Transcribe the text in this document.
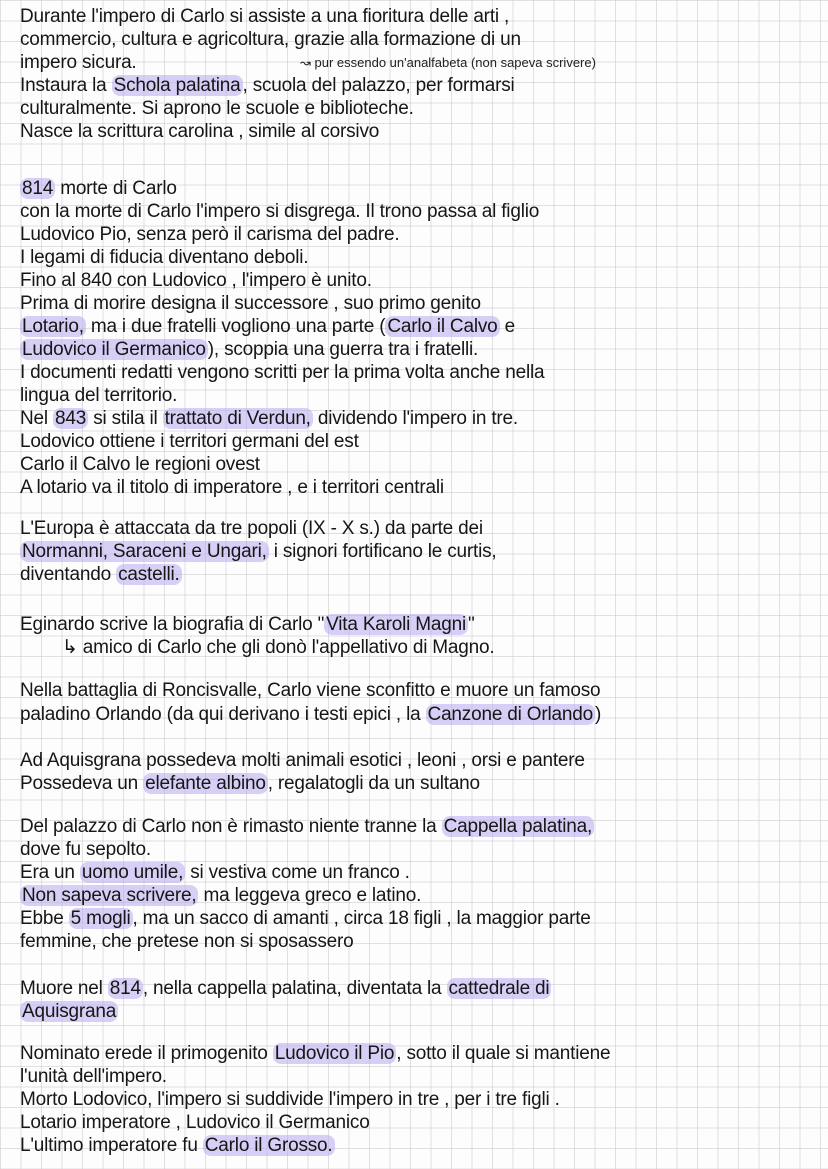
↝ pur essendo un'analfabeta (non sapeva scrivere)
Durante l'impero di Carlo si assiste a una fioritura delle arti ,
commercio, cultura e agricoltura, grazie alla formazione di un
impero sicura.
Instaura la Schola palatina , scuola del palazzo, per formarsi
culturalmente. Si aprono le scuole e biblioteche.
Nasce la scrittura carolina , simile al corsivo
814 morte di Carlo
con la morte di Carlo l'impero si disgrega. Il trono passa al figlio
Ludovico Pio, senza però il carisma del padre.
I legami di fiducia diventano deboli.
Fino al 840 con Ludovico , l'impero è unito.
Prima di morire designa il successore , suo primo genito
Lotario, ma i due fratelli vogliono una parte ( Carlo il Calvo e
Ludovico il Germanico ), scoppia una guerra tra i fratelli.
I documenti redatti vengono scritti per la prima volta anche nella
lingua del territorio.
Nel 843 si stila il trattato di Verdun, dividendo l'impero in tre.
Lodovico ottiene i territori germani del est
Carlo il Calvo le regioni ovest
A lotario va il titolo di imperatore , e i territori centrali
L'Europa è attaccata da tre popoli (IX - X s.) da parte dei
Normanni, Saraceni e Ungari, i signori fortificano le curtis,
diventando castelli.
Eginardo scrive la biografia di Carlo " Vita Karoli Magni "
↳ amico di Carlo che gli donò l'appellativo di Magno.
Nella battaglia di Roncisvalle, Carlo viene sconfitto e muore un famoso
paladino Orlando (da qui derivano i testi epici , la Canzone di Orlando )
Ad Aquisgrana possedeva molti animali esotici , leoni , orsi e pantere
Possedeva un elefante albino , regalatogli da un sultano
Del palazzo di Carlo non è rimasto niente tranne la Cappella palatina,
dove fu sepolto.
Era un uomo umile, si vestiva come un franco .
Non sapeva scrivere, ma leggeva greco e latino.
Ebbe 5 mogli , ma un sacco di amanti , circa 18 figli , la maggior parte
femmine, che pretese non si sposassero
Muore nel 814 , nella cappella palatina, diventata la cattedrale di
Aquisgrana
Nominato erede il primogenito Ludovico il Pio , sotto il quale si mantiene
l'unità dell'impero.
Morto Lodovico, l'impero si suddivide l'impero in tre , per i tre figli .
Lotario imperatore , Ludovico il Germanico
L'ultimo imperatore fu Carlo il Grosso.
